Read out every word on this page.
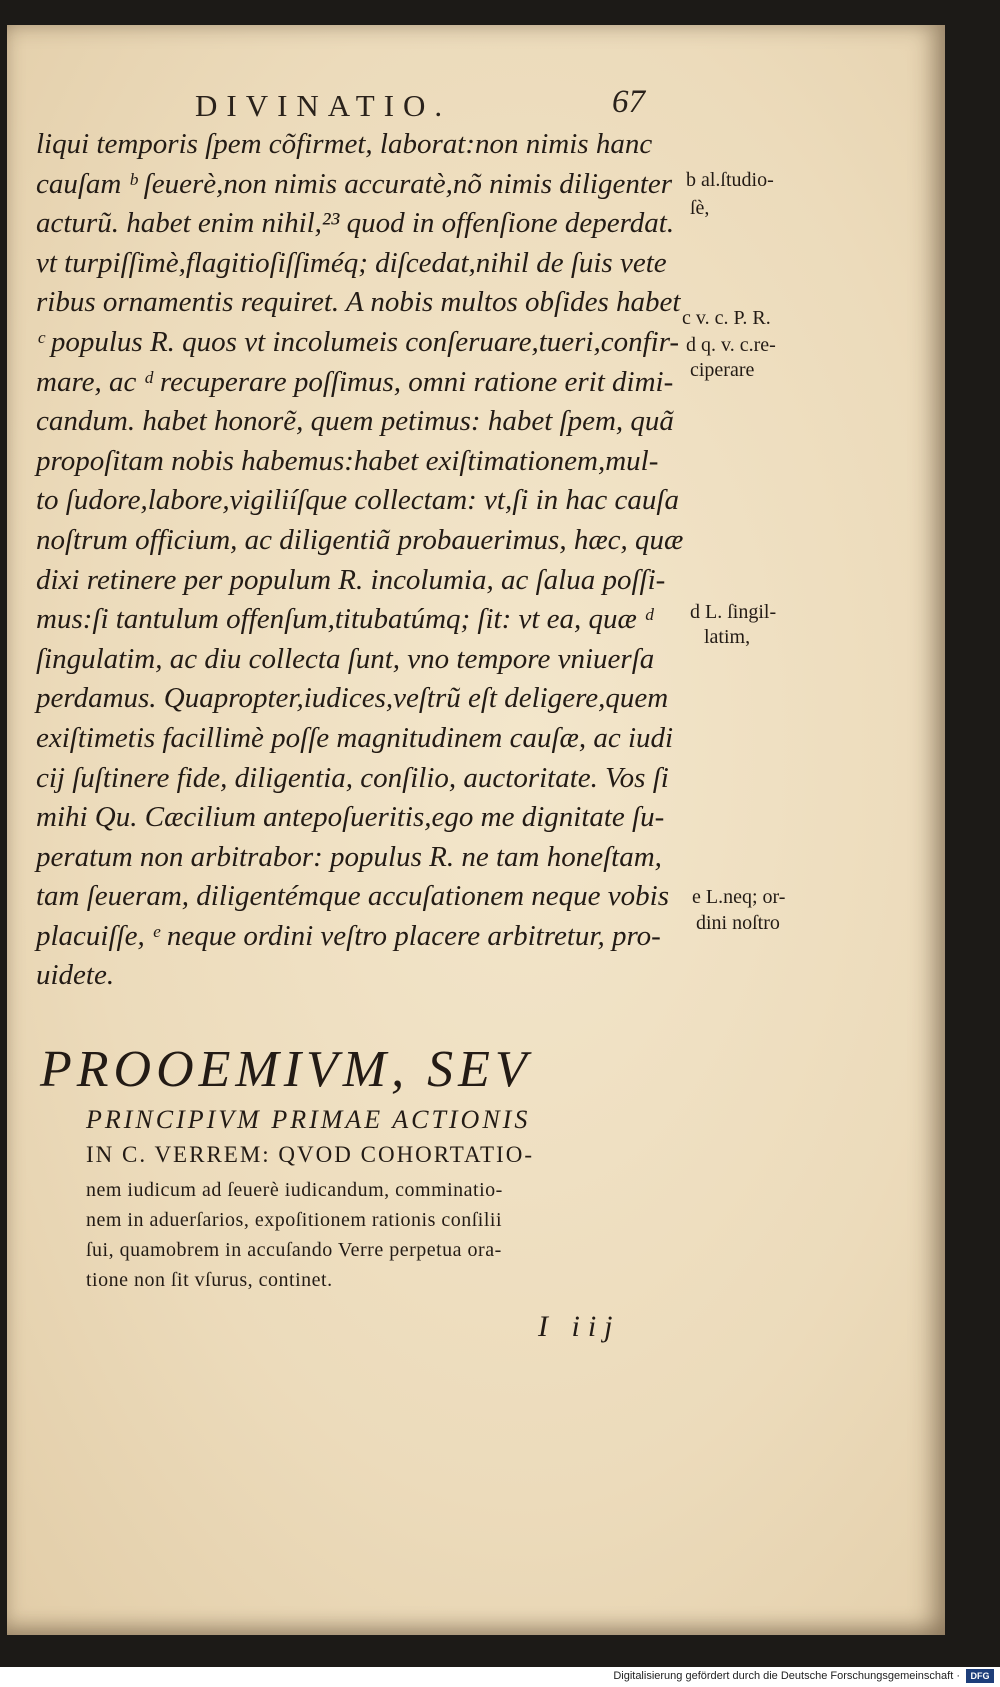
DIVINATIO.	67
liqui temporis ſpem cõfirmet, laborat:non nimis hanc
cauſam ᵇ ſeuerè,non nimis accuratè,nõ nimis diligenter
acturũ. habet enim nihil,²³ quod in offenſione deperdat.
vt turpiſſimè,flagitioſiſſiméq; diſcedat,nihil de ſuis vete
ribus ornamentis requiret. A nobis multos obſides habet
ᶜ populus R. quos vt incolumeis conſeruare,tueri,confir-
mare, ac ᵈ recuperare poſſimus, omni ratione erit dimi-
candum. habet honorẽ, quem petimus: habet ſpem, quã
propoſitam nobis habemus:habet exiſtimationem,mul-
to ſudore,labore,vigiliíſque collectam: vt,ſi in hac cauſa
noſtrum officium, ac diligentiã probauerimus, hæc, quæ
dixi retinere per populum R. incolumia, ac ſalua poſſi-
mus:ſi tantulum offenſum,titubatúmq; ſit: vt ea, quæ ᵈ
ſingulatim, ac diu collecta ſunt, vno tempore vniuerſa
perdamus. Quapropter,iudices,veſtrũ eſt deligere,quem
exiſtimetis facillimè poſſe magnitudinem cauſæ, ac iudi
cij ſuſtinere fide, diligentia, conſilio, auctoritate. Vos ſi
mihi Qu. Cæcilium antepoſueritis,ego me dignitate ſu-
peratum non arbitrabor: populus R. ne tam honeſtam,
tam ſeueram, diligentémque accuſationem neque vobis
placuiſſe, ᵉ neque ordini veſtro placere arbitretur, pro-
uidete.
b al.ſtudio-
ſè,
c v. c. P. R.
d q. v. c.re-
ciperare
d L. ſingil-
latim,
e L.neq; or-
dini noſtro
PROOEMIVM, SEV
PRINCIPIVM PRIMAE ACTIONIS
IN C. VERREM: QVOD COHORTATIO-
nem iudicum ad ſeuerè iudicandum, comminatio-
nem in aduerſarios, expoſitionem rationis conſilii
ſui, quamobrem in accuſando Verre perpetua ora-
tione non ſit vſurus, continet.
I iij
Digitalisierung gefördert durch die Deutsche Forschungsgemeinschaft ·	DFG
